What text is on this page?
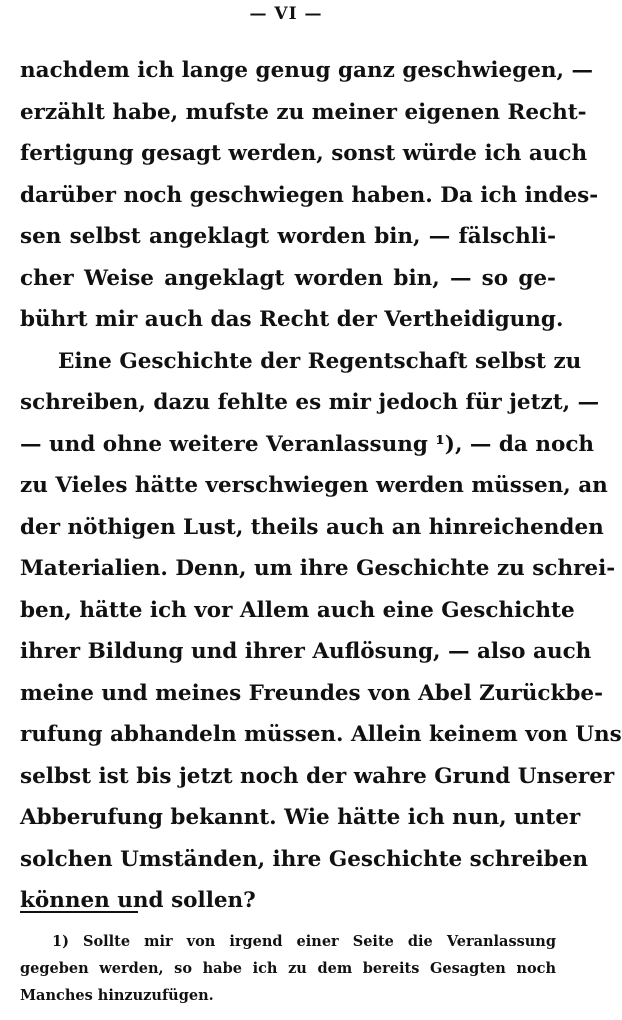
— VI —
nachdem ich lange genug ganz geschwiegen, —
erzählt habe, mufste zu meiner eigenen Recht-
fertigung gesagt werden, sonst würde ich auch
darüber noch geschwiegen haben. Da ich indes-
sen selbst angeklagt worden bin, — fälschli-
cher Weise angeklagt worden bin, — so ge-
bührt mir auch das Recht der Vertheidigung.
Eine Geschichte der Regentschaft selbst zu
schreiben, dazu fehlte es mir jedoch für jetzt, —
— und ohne weitere Veranlassung ¹), — da noch
zu Vieles hätte verschwiegen werden müssen, an
der nöthigen Lust, theils auch an hinreichenden
Materialien. Denn, um ihre Geschichte zu schrei-
ben, hätte ich vor Allem auch eine Geschichte
ihrer Bildung und ihrer Auflösung, — also auch
meine und meines Freundes von Abel Zurückbe-
rufung abhandeln müssen. Allein keinem von Uns
selbst ist bis jetzt noch der wahre Grund Unserer
Abberufung bekannt. Wie hätte ich nun, unter
solchen Umständen, ihre Geschichte schreiben
können und sollen?
1) Sollte mir von irgend einer Seite die Veranlassung
gegeben werden, so habe ich zu dem bereits Gesagten noch
Manches hinzuzufügen.
